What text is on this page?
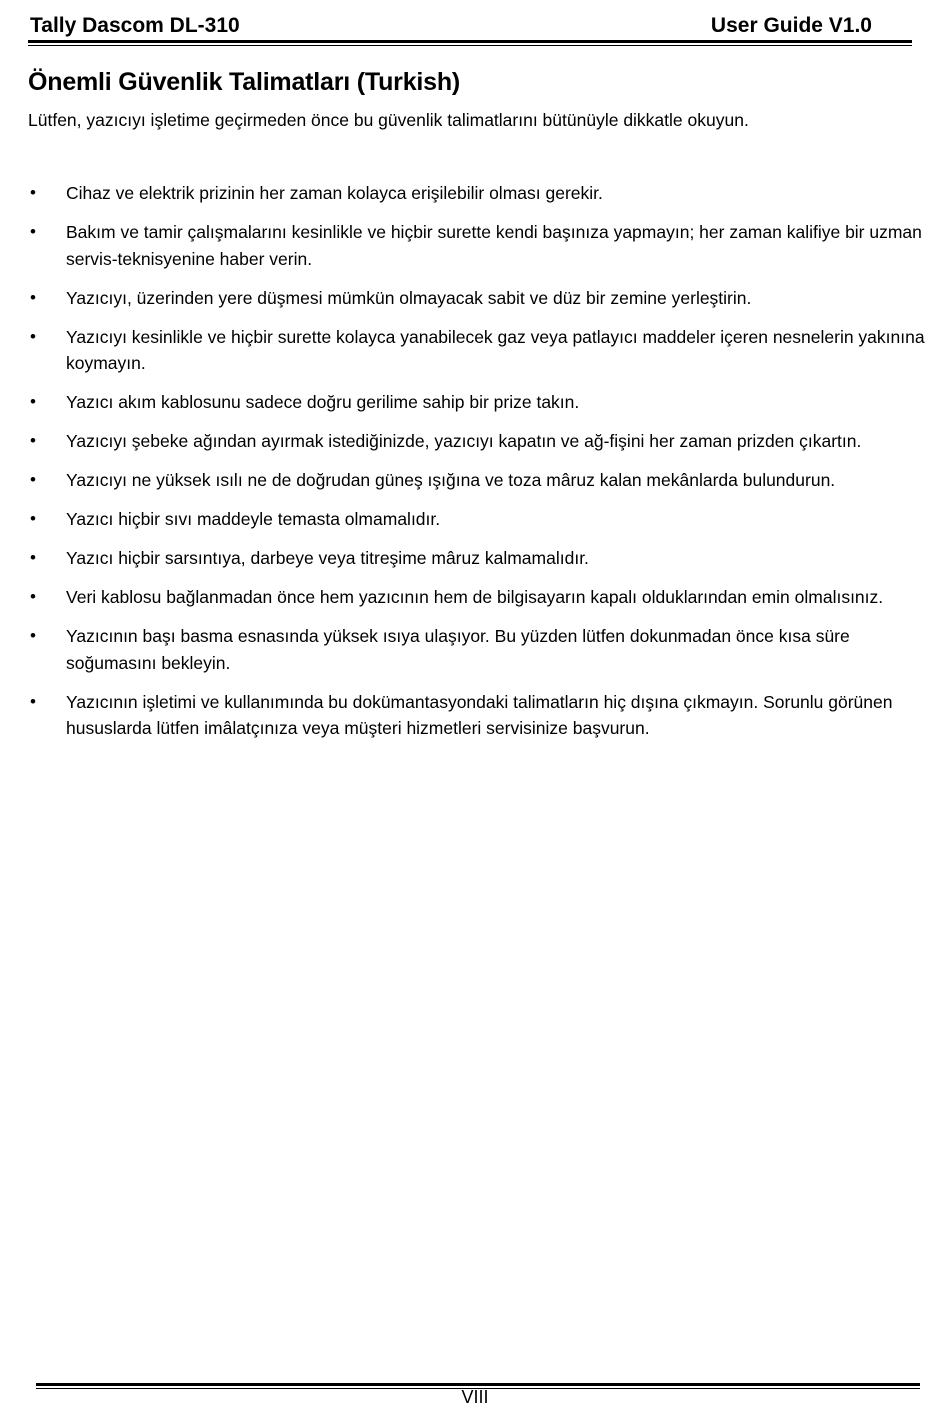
Tally Dascom DL-310	User Guide V1.0
Önemli Güvenlik Talimatları (Turkish)

Lütfen, yazıcıyı işletime geçirmeden önce bu güvenlik talimatlarını bütünüyle dikkatle okuyun.

• Cihaz ve elektrik prizinin her zaman kolayca erişilebilir olması gerekir.
• Bakım ve tamir çalışmalarını kesinlikle ve hiçbir surette kendi başınıza yapmayın; her zaman kalifiye bir uzman servis-teknisyenine haber verin.
• Yazıcıyı, üzerinden yere düşmesi mümkün olmayacak sabit ve düz bir zemine yerleştirin.
• Yazıcıyı kesinlikle ve hiçbir surette kolayca yanabilecek gaz veya patlayıcı maddeler içeren nesnelerin yakınına koymayın.
• Yazıcı akım kablosunu sadece doğru gerilime sahip bir prize takın.
• Yazıcıyı şebeke ağından ayırmak istediğinizde, yazıcıyı kapatın ve ağ-fişini her zaman prizden çıkartın.
• Yazıcıyı ne yüksek ısılı ne de doğrudan güneş ışığına ve toza mâruz kalan mekânlarda bulundurun.
• Yazıcı hiçbir sıvı maddeyle temasta olmamalıdır.
• Yazıcı hiçbir sarsıntıya, darbeye veya titreşime mâruz kalmamalıdır.
• Veri kablosu bağlanmadan önce hem yazıcının hem de bilgisayarın kapalı olduklarından emin olmalısınız.
• Yazıcının başı basma esnasında yüksek ısıya ulaşıyor. Bu yüzden lütfen dokunmadan önce kısa süre soğumasını bekleyin.
• Yazıcının işletimi ve kullanımında bu dokümantasyondaki talimatların hiç dışına çıkmayın. Sorunlu görünen hususlarda lütfen imâlatçınıza veya müşteri hizmetleri servisinize başvurun.
VIII
